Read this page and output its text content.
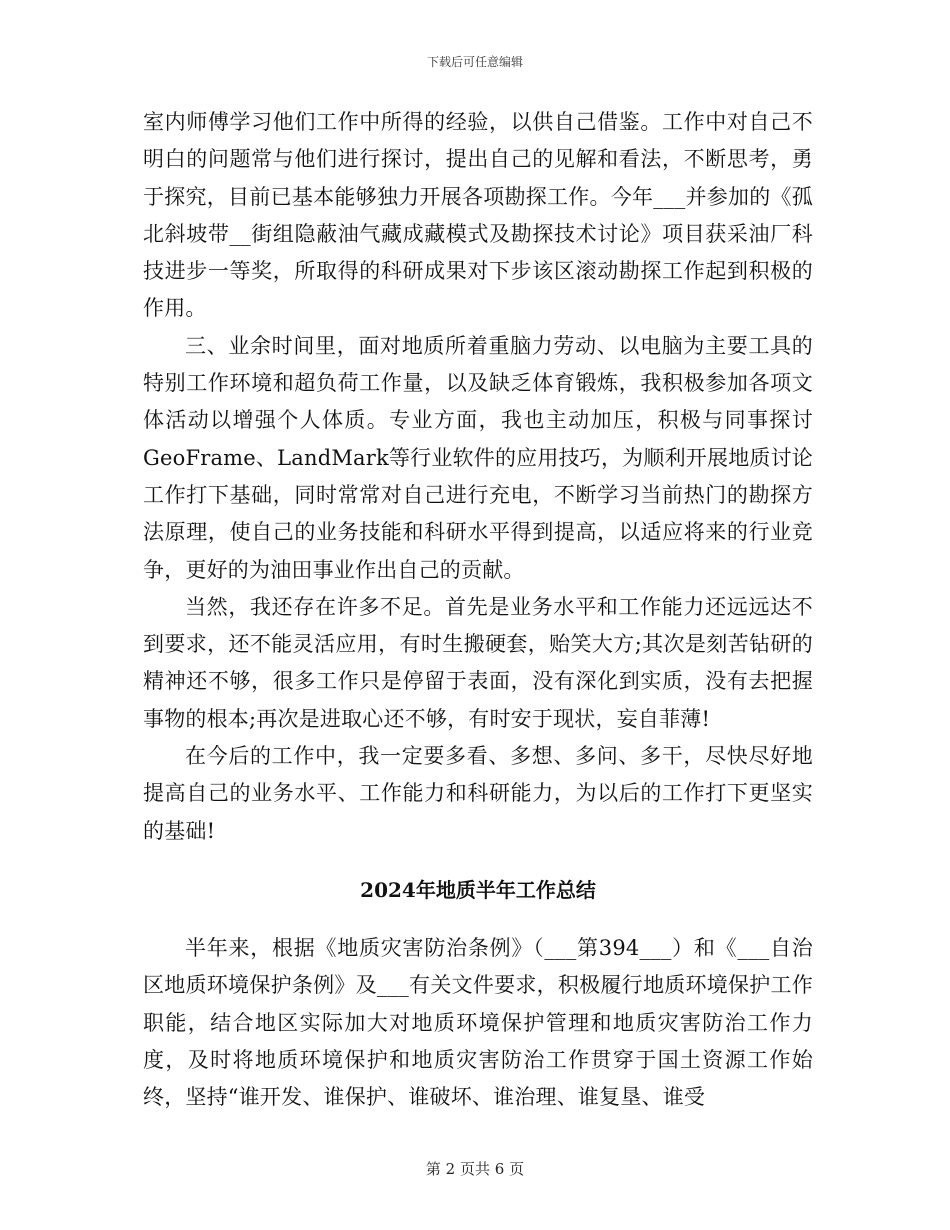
下载后可任意编辑

室内师傅学习他们工作中所得的经验，以供自己借鉴。工作中对自己不明白的问题常与他们进行探讨，提出自己的见解和看法，不断思考，勇于探究，目前已基本能够独力开展各项勘探工作。今年___并参加的《孤北斜坡带__街组隐蔽油气藏成藏模式及勘探技术讨论》项目获采油厂科技进步一等奖，所取得的科研成果对下步该区滚动勘探工作起到积极的作用。

三、业余时间里，面对地质所着重脑力劳动、以电脑为主要工具的特别工作环境和超负荷工作量，以及缺乏体育锻炼，我积极参加各项文体活动以增强个人体质。专业方面，我也主动加压，积极与同事探讨GeoFrame、LandMark等行业软件的应用技巧，为顺利开展地质讨论工作打下基础，同时常常对自己进行充电，不断学习当前热门的勘探方法原理，使自己的业务技能和科研水平得到提高，以适应将来的行业竞争，更好的为油田事业作出自己的贡献。

当然，我还存在许多不足。首先是业务水平和工作能力还远远达不到要求，还不能灵活应用，有时生搬硬套，贻笑大方;其次是刻苦钻研的精神还不够，很多工作只是停留于表面，没有深化到实质，没有去把握事物的根本;再次是进取心还不够，有时安于现状，妄自菲薄!

在今后的工作中，我一定要多看、多想、多问、多干，尽快尽好地提高自己的业务水平、工作能力和科研能力，为以后的工作打下更坚实的基础!

2024年地质半年工作总结

半年来，根据《地质灾害防治条例》（___第394___）和《___自治区地质环境保护条例》及___有关文件要求，积极履行地质环境保护工作职能，结合地区实际加大对地质环境保护管理和地质灾害防治工作力度，及时将地质环境保护和地质灾害防治工作贯穿于国土资源工作始终，坚持“谁开发、谁保护、谁破坏、谁治理、谁复垦、谁受

第 2 页共 6 页
